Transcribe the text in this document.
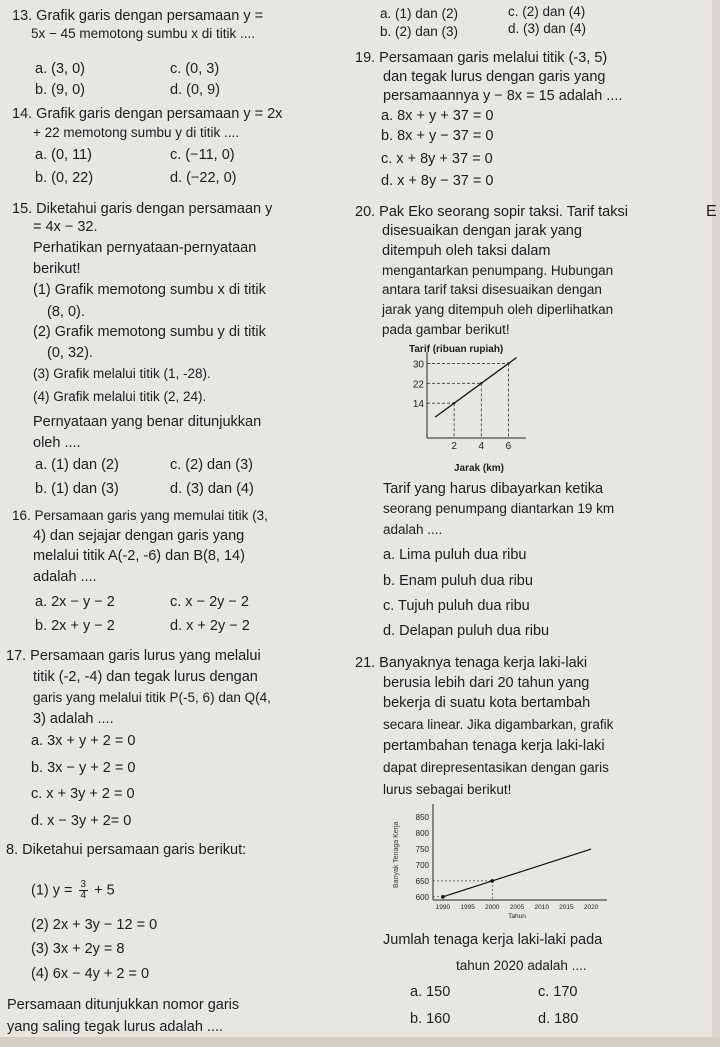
13. Grafik garis dengan persamaan y =
5x − 45 memotong sumbu x di titik ....
a. (3, 0)	c. (0, 3)
b. (9, 0)	d. (0, 9)
14. Grafik garis dengan persamaan y = 2x
+ 22 memotong sumbu y di titik ....
a. (0, 11)	c. (−11, 0)
b. (0, 22)	d. (−22, 0)
15. Diketahui garis dengan persamaan y
= 4x − 32.
Perhatikan pernyataan-pernyataan
berikut!
(1) Grafik memotong sumbu x di titik
(8, 0).
(2) Grafik memotong sumbu y di titik
(0, 32).
(3) Grafik melalui titik (1, -28).
(4) Grafik melalui titik (2, 24).
Pernyataan yang benar ditunjukkan
oleh ....
a. (1) dan (2)	c. (2) dan (3)
b. (1) dan (3)	d. (3) dan (4)
16. Persamaan garis yang memulai titik (3,
4) dan sejajar dengan garis yang
melalui titik A(-2, -6) dan B(8, 14)
adalah ....
a. 2x − y − 2	c. x − 2y − 2
b. 2x + y − 2	d. x + 2y − 2
17. Persamaan garis lurus yang melalui
titik (-2, -4) dan tegak lurus dengan
garis yang melalui titik P(-5, 6) dan Q(4,
3) adalah ....
a. 3x + y + 2 = 0
b. 3x − y + 2 = 0
c. x + 3y + 2 = 0
d. x − 3y + 2= 0
8. Diketahui persamaan garis berikut:
(1) $y = \frac{3}{4} + 5$
(2) 2x + 3y − 12 = 0
(3) 3x + 2y = 8
(4) 6x − 4y + 2 = 0
Persamaan ditunjukkan nomor garis
yang saling tegak lurus adalah ....
a. (1) dan (2)	c. (2) dan (4)
b. (2) dan (3)	d. (3) dan (4)
19. Persamaan garis melalui titik (-3, 5)
dan tegak lurus dengan garis yang
persamaannya y − 8x = 15 adalah ....
a. 8x + y + 37 = 0
b. 8x + y − 37 = 0
c. x + 8y + 37 = 0
d. x + 8y − 37 = 0
E
20. Pak Eko seorang sopir taksi. Tarif taksi
disesuaikan dengan jarak yang
ditempuh oleh taksi dalam
mengantarkan penumpang. Hubungan
antara tarif taksi disesuaikan dengan
jarak yang ditempuh oleh diperlihatkan
pada gambar berikut!
Tarif (ribuan rupiah)
14
2
22
4
30
6
Jarak (km)
Tarif yang harus dibayarkan ketika
seorang penumpang diantarkan 19 km
adalah ....
a. Lima puluh dua ribu
b. Enam puluh dua ribu
c. Tujuh puluh dua ribu
d. Delapan puluh dua ribu
21. Banyaknya tenaga kerja laki-laki
berusia lebih dari 20 tahun yang
bekerja di suatu kota bertambah
secara linear. Jika digambarkan, grafik
pertambahan tenaga kerja laki-laki
dapat direpresentasikan dengan garis
lurus sebagai berikut!
Banyak Tenaga Kerja
600
650
700
750
800
850
1990 1995 2000 2005 2010 2015 2020
Tahun
Jumlah tenaga kerja laki-laki pada
tahun 2020 adalah ....
a. 150	c. 170
b. 160	d. 180
